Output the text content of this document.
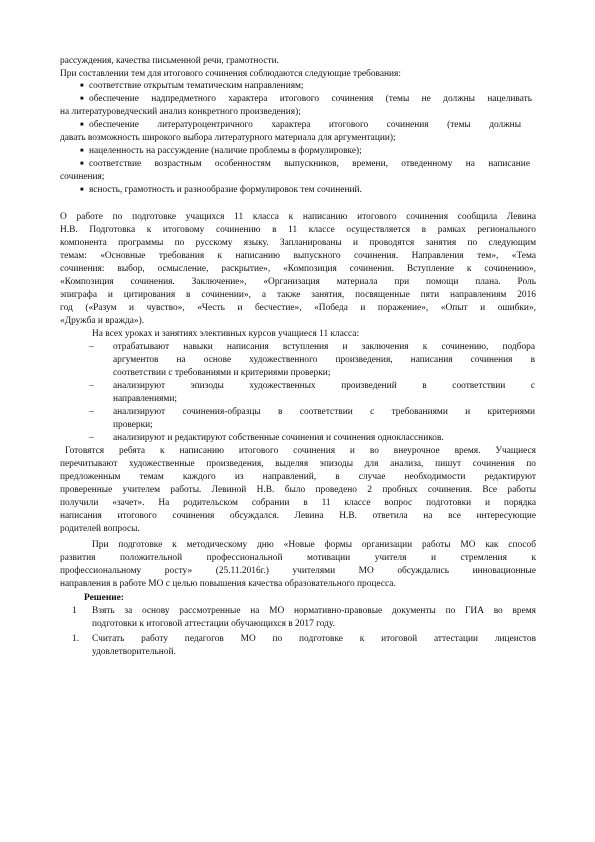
рассуждения, качества письменной речи, грамотности.
При составлении тем для итогового сочинения соблюдаются следующие требования:
■ соответствие открытым тематическим направлениям;
■ обеспечение надпредметного характера итогового сочинения (темы не должны нацеливать
на литературоведческий анализ конкретного произведения);
■ обеспечение литературоцентричного характера итогового сочинения (темы должны
давать возможность широкого выбора литературного материала для аргументации);
■ нацеленность на рассуждение (наличие проблемы в формулировке);
■ соответствие возрастным особенностям выпускников, времени, отведенному на написание
сочинения;
■ ясность, грамотность и разнообразие формулировок тем сочинений.
О работе по подготовке учащихся 11 класса к написанию итогового сочинения сообщила Левина
Н.В. Подготовка к итоговому сочинению в 11 классе осуществляется в рамках регионального
компонента программы по русскому языку. Запланированы и проводятся занятия по следующим
темам: «Основные требования к написанию выпускного сочинения. Направления тем», «Тема
сочинения: выбор, осмысление, раскрытие», «Композиция сочинения. Вступление к сочинению»,
«Композиция сочинения. Заключение», «Организация материала при помощи плана. Роль
эпиграфа и цитирования в сочинении», а также занятия, посвященные пяти направлениям 2016
год («Разум и чувство», «Честь и бесчестие», «Победа и поражение», «Опыт и ошибки»,
«Дружба и вражда»).
На всех уроках и занятиях элективных курсов учащиеся 11 класса:
– отрабатывают навыки написания вступления и заключения к сочинению, подбора
аргументов на основе художественного произведения, написания сочинения в
соответствии с требованиями и критериями проверки;
– анализируют эпизоды художественных произведений в соответствии с
направлениями;
– анализируют сочинения-образцы в соответствии с требованиями и критериями
проверки;
– анализируют и редактируют собственные сочинения и сочинения одноклассников.
Готовятся ребята к написанию итогового сочинения и во внеурочное время. Учащиеся
перечитывают художественные произведения, выделяя эпизоды для анализа, пишут сочинения по
предложенным темам каждого из направлений, в случае необходимости редактируют
проверенные учителем работы. Левиной Н.В. было проведено 2 пробных сочинения. Все работы
получили «зачет». На родительском собрании в 11 классе вопрос подготовки и порядка
написания итогового сочинения обсуждался. Левина Н.В. ответила на все интересующие
родителей вопросы.
При подготовке к методическому дню «Новые формы организации работы МО как способ
развития положительной профессиональной мотивации учителя и стремления к
профессиональному росту» (25.11.2016г.) учителями МО обсуждались инновационные
направления в работе МО с целью повышения качества образовательного процесса.
Решение:
1 Взять за основу рассмотренные на МО нормативно-правовые документы по ГИА во время
подготовки к итоговой аттестации обучающихся в 2017 году.
1. Считать работу педагогов МО по подготовке к итоговой аттестации лицеистов
удовлетворительной.
